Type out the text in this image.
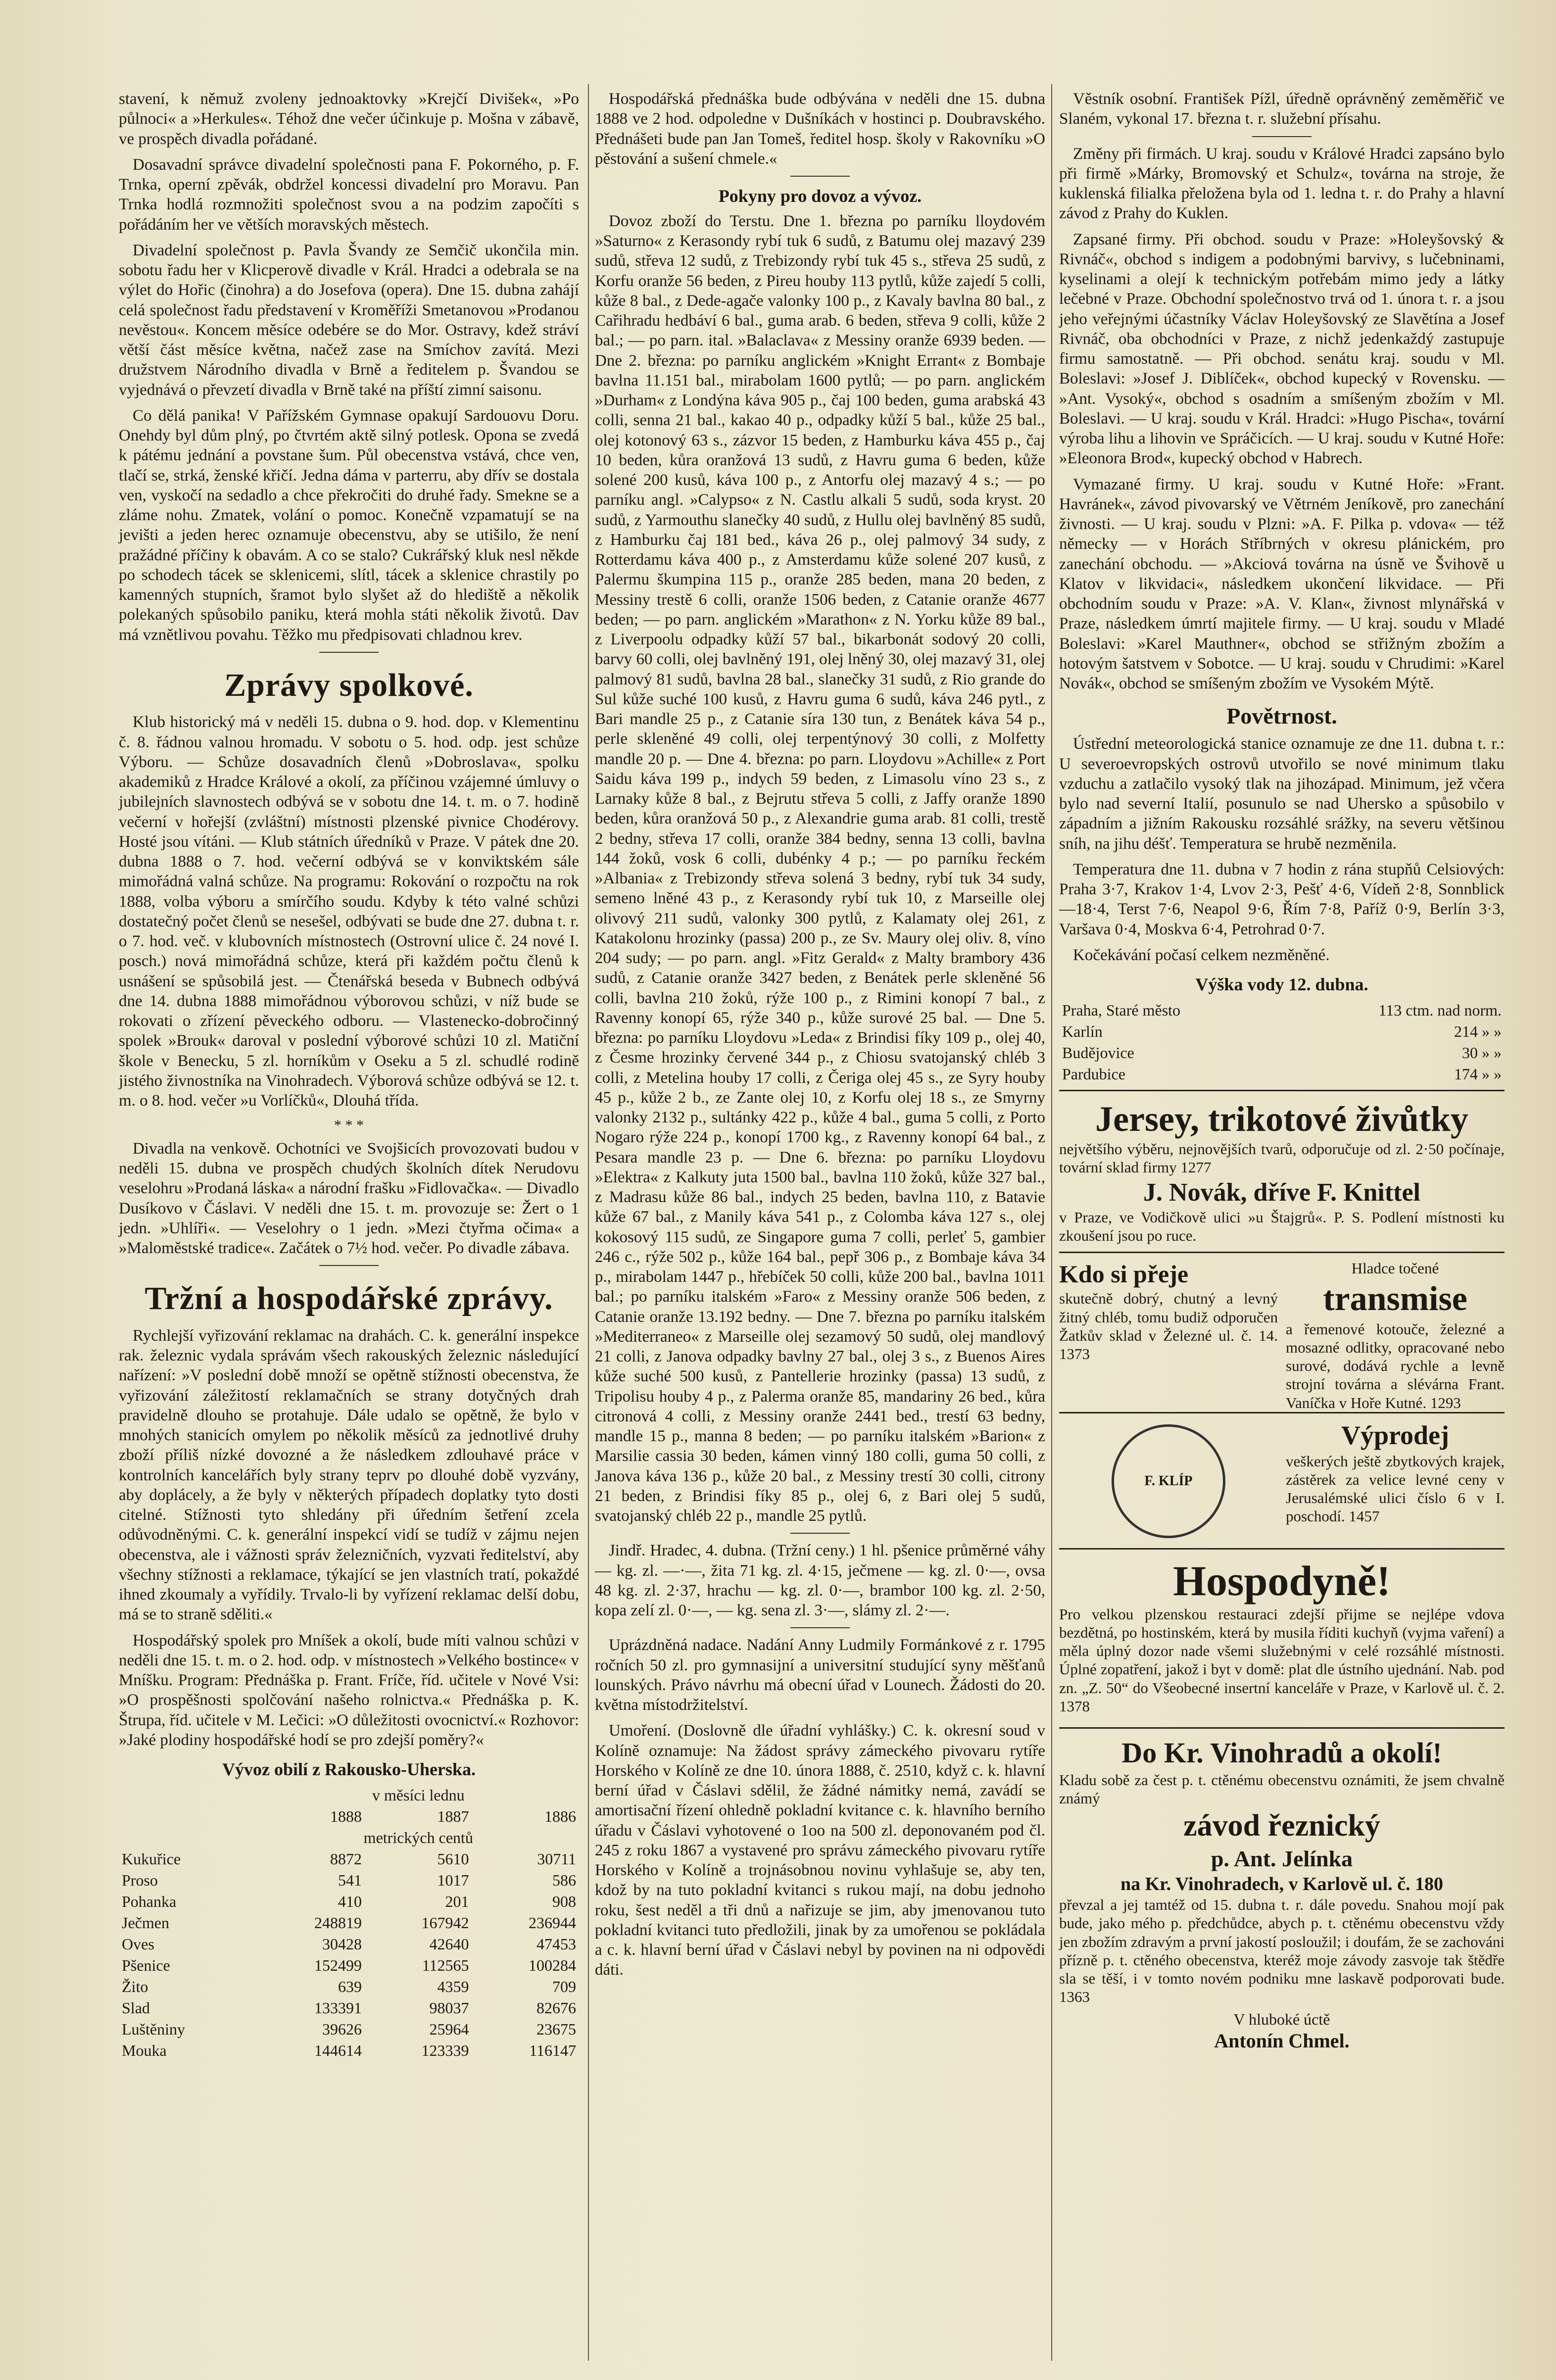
stavení, k němuž zvoleny jednoaktovky »Krejčí Divišek«, »Po půlnoci« a »Herkules«. Téhož dne večer účinkuje p. Mošna v zábavě, ve prospěch divadla pořádané.

Dosavadní správce divadelní společnosti pana F. Pokorného, p. F. Trnka, operní zpěvák, obdržel koncessi divadelní pro Moravu. Pan Trnka hodlá rozmnožiti společnost svou a na podzim započíti s pořádáním her ve větších moravských městech.

Divadelní společnost p. Pavla Švandy ze Semčič ukončila min. sobotu řadu her v Klicperově divadle v Král. Hradci a odebrala se na výlet do Hořic (činohra) a do Josefova (opera). Dne 15. dubna zahájí celá společnost řadu představení v Kroměříži Smetanovou »Prodanou nevěstou«. Koncem měsíce odebére se do Mor. Ostravy, kdež stráví větší část měsíce května, načež zase na Smíchov zavítá. Mezi družstvem Národního divadla v Brně a ředitelem p. Švandou se vyjednává o převzetí divadla v Brně také na příští zimní saisonu.

Co dělá panika! V Pařížském Gymnase opakují Sardouovu Doru. Onehdy byl dům plný, po čtvrtém aktě silný potlesk. Opona se zvedá k pátému jednání a povstane šum. Půl obecenstva vstává, chce ven, tlačí se, strká, ženské křičí. Jedna dáma v parterru, aby dřív se dostala ven, vyskočí na sedadlo a chce překročiti do druhé řady. Smekne se a zláme nohu. Zmatek, volání o pomoc. Konečně vzpamatují se na jevišti a jeden herec oznamuje obecenstvu, aby se utišilo, že není pražádné příčiny k obavám. A co se stalo? Cukrářský kluk nesl někde po schodech tácek se sklenicemi, slítl, tácek a sklenice chrastily po kamenných stupních, šramot bylo slyšet až do hlediště a několik polekaných spůsobilo paniku, která mohla státi několik životů. Dav má vznětlivou povahu. Těžko mu předpisovati chladnou krev.

Zprávy spolkové.

Klub historický má v neděli 15. dubna o 9. hod. dop. v Klementinu č. 8. řádnou valnou hromadu. V sobotu o 5. hod. odp. jest schůze Výboru. — Schůze dosavadních členů »Dobroslava«, spolku akademiků z Hradce Králové a okolí, za příčinou vzájemné úmluvy o jubilejních slavnostech odbývá se v sobotu dne 14. t. m. o 7. hodině večerní v hořejší (zvláštní) místnosti plzenské pivnice Chodérovy. Hosté jsou vítáni. — Klub státních úředníků v Praze. V pátek dne 20. dubna 1888 o 7. hod. večerní odbývá se v konviktském sále mimořádná valná schůze. Na programu: Rokování o rozpočtu na rok 1888, volba výboru a smírčího soudu. Kdyby k této valné schůzi dostatečný počet členů se nesešel, odbývati se bude dne 27. dubna t. r. o 7. hod. več. v klubovních místnostech (Ostrovní ulice č. 24 nové I. posch.) nová mimořádná schůze, která při každém počtu členů k usnášení se spůsobilá jest. — Čtenářská beseda v Bubnech odbývá dne 14. dubna 1888 mimořádnou výborovou schůzi, v níž bude se rokovati o zřízení pěveckého odboru. — Vlastenecko-dobročinný spolek »Brouk« daroval v poslední výborové schůzi 10 zl. Matiční škole v Benecku, 5 zl. horníkům v Oseku a 5 zl. schudlé rodině jistého živnostníka na Vinohradech. Výborová schůze odbývá se 12. t. m. o 8. hod. večer »u Vorlíčků«, Dlouhá třída.

* * *

Divadla na venkově. Ochotníci ve Svojšicích provozovati budou v neděli 15. dubna ve prospěch chudých školních dítek Nerudovu veselohru »Prodaná láska« a národní frašku »Fidlovačka«. — Divadlo Dusíkovo v Čáslavi. V neděli dne 15. t. m. provozuje se: Žert o 1 jedn. »Uhlíři«. — Veselohry o 1 jedn. »Mezi čtyřma očima« a »Maloměstské tradice«. Začátek o 7½ hod. večer. Po divadle zábava.

Tržní a hospodářské zprávy.

Rychlejší vyřizování reklamac na drahách. C. k. generální inspekce rak. železnic vydala správám všech rakouských železnic následující nařízení: »V poslední době množí se opětně stížnosti obecenstva, že vyřizování záležitostí reklamačních se strany dotyčných drah pravidelně dlouho se protahuje. Dále udalo se opětně, že bylo v mnohých stanicích omylem po několik měsíců za jednotlivé druhy zboží příliš nízké dovozné a že následkem zdlouhavé práce v kontrolních kancelářích byly strany teprv po dlouhé době vyzvány, aby doplácely, a že byly v některých případech doplatky tyto dosti citelné. Stížnosti tyto shledány při úředním šetření zcela odůvodněnými. C. k. generální inspekcí vidí se tudíž v zájmu nejen obecenstva, ale i vážnosti správ železničních, vyzvati ředitelství, aby všechny stížnosti a reklamace, týkající se jen vlastních tratí, pokaždé ihned zkoumaly a vyřídily. Trvalo-li by vyřízení reklamac delší dobu, má se to straně sděliti.«

Hospodářský spolek pro Mníšek a okolí, bude míti valnou schůzi v neděli dne 15. t. m. o 2. hod. odp. v místnostech »Velkého bostince« v Mníšku. Program: Přednáška p. Frant. Fríče, říd. učitele v Nové Vsi: »O prospěšnosti spolčování našeho rolnictva.« Přednáška p. K. Štrupa, říd. učitele v M. Lečici: »O důležitosti ovocnictví.« Rozhovor: »Jaké plodiny hospodářské hodí se pro zdejší poměry?«

Vývoz obilí z Rakousko-Uherska.
	v měsíci lednu		
	1888	1887	1886
	metrických centů		
Kukuřice	8872	5610	30711
Proso	541	1017	586
Pohanka	410	201	908
Ječmen	248819	167942	236944
Oves	30428	42640	47453
Pšenice	152499	112565	100284
Žito	639	4359	709
Slad	133391	98037	82676
Luštěniny	39626	25964	23675
Mouka	144614	123339	116147

Hospodářská přednáška bude odbývána v neděli dne 15. dubna 1888 ve 2 hod. odpoledne v Dušníkách v hostinci p. Doubravského. Přednášeti bude pan Jan Tomeš, ředitel hosp. školy v Rakovníku »O pěstování a sušení chmele.«

Pokyny pro dovoz a vývoz.

Dovoz zboží do Terstu. Dne 1. března po parníku lloydovém »Saturno« z Kerasondy rybí tuk 6 sudů, z Batumu olej mazavý 239 sudů, střeva 12 sudů, z Trebizondy rybí tuk 45 s., střeva 25 sudů, z Korfu oranže 56 beden, z Pireu houby 113 pytlů, kůže zajedí 5 colli, kůže 8 bal., z Dede-agače valonky 100 p., z Kavaly bavlna 80 bal., z Cařihradu hedbáví 6 bal., guma arab. 6 beden, střeva 9 colli, kůže 2 bal.; — po parn. ital. »Balaclava« z Messiny oranže 6939 beden. — Dne 2. března: po parníku anglickém »Knight Errant« z Bombaje bavlna 11.151 bal., mirabolam 1600 pytlů; — po parn. anglickém »Durham« z Londýna káva 905 p., čaj 100 beden, guma arabská 43 colli, senna 21 bal., kakao 40 p., odpadky kůží 5 bal., kůže 25 bal., olej kotonový 63 s., zázvor 15 beden, z Hamburku káva 455 p., čaj 10 beden, kůra oranžová 13 sudů, z Havru guma 6 beden, kůže solené 200 kusů, káva 100 p., z Antorfu olej mazavý 4 s.; — po parníku angl. »Calypso« z N. Castlu alkali 5 sudů, soda kryst. 20 sudů, z Yarmouthu slanečky 40 sudů, z Hullu olej bavlněný 85 sudů, z Hamburku čaj 181 bed., káva 26 p., olej palmový 34 sudy, z Rotterdamu káva 400 p., z Amsterdamu kůže solené 207 kusů, z Palermu škumpina 115 p., oranže 285 beden, mana 20 beden, z Messiny trestě 6 colli, oranže 1506 beden, z Catanie oranže 4677 beden; — po parn. anglickém »Marathon« z N. Yorku kůže 89 bal., z Liverpoolu odpadky kůží 57 bal., bikarbonát sodový 20 colli, barvy 60 colli, olej bavlněný 191, olej lněný 30, olej mazavý 31, olej palmový 81 sudů, bavlna 28 bal., slanečky 31 sudů, z Rio grande do Sul kůže suché 100 kusů, z Havru guma 6 sudů, káva 246 pytl., z Bari mandle 25 p., z Catanie síra 130 tun, z Benátek káva 54 p., perle skleněné 49 colli, olej terpentýnový 30 colli, z Molfetty mandle 20 p. — Dne 4. března: po parn. Lloydovu »Achille« z Port Saidu káva 199 p., indych 59 beden, z Limasolu víno 23 s., z Larnaky kůže 8 bal., z Bejrutu střeva 5 colli, z Jaffy oranže 1890 beden, kůra oranžová 50 p., z Alexandrie guma arab. 81 colli, trestě 2 bedny, střeva 17 colli, oranže 384 bedny, senna 13 colli, bavlna 144 žoků, vosk 6 colli, dubénky 4 p.; — po parníku řeckém »Albania« z Trebizondy střeva solená 3 bedny, rybí tuk 34 sudy, semeno lněné 43 p., z Kerasondy rybí tuk 10, z Marseille olej olivový 211 sudů, valonky 300 pytlů, z Kalamaty olej 261, z Katakolonu hrozinky (passa) 200 p., ze Sv. Maury olej oliv. 8, víno 204 sudy; — po parn. angl. »Fitz Gerald« z Malty brambory 436 sudů, z Catanie oranže 3427 beden, z Benátek perle skleněné 56 colli, bavlna 210 žoků, rýže 100 p., z Rimini konopí 7 bal., z Ravenny konopí 65, rýže 340 p., kůže surové 25 bal. — Dne 5. března: po parníku Lloydovu »Leda« z Brindisi fíky 109 p., olej 40, z Česme hrozinky červené 344 p., z Chiosu svatojanský chléb 3 colli, z Metelina houby 17 colli, z Čeriga olej 45 s., ze Syry houby 45 p., kůže 2 b., ze Zante olej 10, z Korfu olej 18 s., ze Smyrny valonky 2132 p., sultánky 422 p., kůže 4 bal., guma 5 colli, z Porto Nogaro rýže 224 p., konopí 1700 kg., z Ravenny konopí 64 bal., z Pesara mandle 23 p. — Dne 6. března: po parníku Lloydovu »Elektra« z Kalkuty juta 1500 bal., bavlna 110 žoků, kůže 327 bal., z Madrasu kůže 86 bal., indych 25 beden, bavlna 110, z Batavie kůže 67 bal., z Manily káva 541 p., z Colomba káva 127 s., olej kokosový 115 sudů, ze Singapore guma 7 colli, perleť 5, gambier 246 c., rýže 502 p., kůže 164 bal., pepř 306 p., z Bombaje káva 34 p., mirabolam 1447 p., hřebíček 50 colli, kůže 200 bal., bavlna 1011 bal.; po parníku italském »Faro« z Messiny oranže 506 beden, z Catanie oranže 13.192 bedny. — Dne 7. března po parníku italském »Mediterraneo« z Marseille olej sezamový 50 sudů, olej mandlový 21 colli, z Janova odpadky bavlny 27 bal., olej 3 s., z Buenos Aires kůže suché 500 kusů, z Pantellerie hrozinky (passa) 13 sudů, z Tripolisu houby 4 p., z Palerma oranže 85, mandariny 26 bed., kůra citronová 4 colli, z Messiny oranže 2441 bed., trestí 63 bedny, mandle 15 p., manna 8 beden; — po parníku italském »Barion« z Marsilie cassia 30 beden, kámen vinný 180 colli, guma 50 colli, z Janova káva 136 p., kůže 20 bal., z Messiny trestí 30 colli, citrony 21 beden, z Brindisi fíky 85 p., olej 6, z Bari olej 5 sudů, svatojanský chléb 22 p., mandle 25 pytlů.

Jindř. Hradec, 4. dubna. (Tržní ceny.) 1 hl. pšenice průměrné váhy — kg. zl. —·—, žita 71 kg. zl. 4·15, ječmene — kg. zl. 0·—, ovsa 48 kg. zl. 2·37, hrachu — kg. zl. 0·—, brambor 100 kg. zl. 2·50, kopa zelí zl. 0·—, — kg. sena zl. 3·—, slámy zl. 2·—.

Uprázdněná nadace. Nadání Anny Ludmily Formánkové z r. 1795 ročních 50 zl. pro gymnasijní a universitní studující syny měšťanů lounských. Právo návrhu má obecní úřad v Lounech. Žádosti do 20. května místodržitelství.

Umoření. (Doslovně dle úřadní vyhlášky.) C. k. okresní soud v Kolíně oznamuje: Na žádost správy zámeckého pivovaru rytíře Horského v Kolíně ze dne 10. února 1888, č. 2510, když c. k. hlavní berní úřad v Čáslavi sdělil, že žádné námitky nemá, zavádí se amortisační řízení ohledně pokladní kvitance c. k. hlavního berního úřadu v Čáslavi vyhotovené o 1oo na 500 zl. deponovaném pod čl. 245 z roku 1867 a vystavené pro správu zámeckého pivovaru rytíře Horského v Kolíně a trojnásobnou novinu vyhlašuje se, aby ten, kdož by na tuto pokladní kvitanci s rukou mají, na dobu jednoho roku, šest neděl a tři dnů a nařizuje se jim, aby jmenovanou tuto pokladní kvitanci tuto předložili, jinak by za umořenou se pokládala a c. k. hlavní berní úřad v Čáslavi nebyl by povinen na ni odpovědi dáti.

Věstník osobní. František Pížl, úředně oprávněný zeměměřič ve Slaném, vykonal 17. března t. r. služební přísahu.

Změny při firmách. U kraj. soudu v Králové Hradci zapsáno bylo při firmě »Márky, Bromovský et Schulz«, továrna na stroje, že kuklenská filialka přeložena byla od 1. ledna t. r. do Prahy a hlavní závod z Prahy do Kuklen.

Zapsané firmy. Při obchod. soudu v Praze: »Holeyšovský & Rivnáč«, obchod s indigem a podobnými barvivy, s lučebninami, kyselinami a olejí k technickým potřebám mimo jedy a látky lečebné v Praze. Obchodní společnostvo trvá od 1. února t. r. a jsou jeho veřejnými účastníky Václav Holeyšovský ze Slavětína a Josef Rivnáč, oba obchodníci v Praze, z nichž jedenkaždý zastupuje firmu samostatně. — Při obchod. senátu kraj. soudu v Ml. Boleslavi: »Josef J. Diblíček«, obchod kupecký v Rovensku. — »Ant. Vysoký«, obchod s osadním a smíšeným zbožím v Ml. Boleslavi. — U kraj. soudu v Král. Hradci: »Hugo Pischa«, tovární výroba lihu a lihovin ve Spráčicích. — U kraj. soudu v Kutné Hoře: »Eleonora Brod«, kupecký obchod v Habrech.

Vymazané firmy. U kraj. soudu v Kutné Hoře: »Frant. Havránek«, závod pivovarský ve Větrném Jeníkově, pro zanechání živnosti. — U kraj. soudu v Plzni: »A. F. Pilka p. vdova« — též německy — v Horách Stříbrných v okresu plánickém, pro zanechání obchodu. — »Akciová továrna na úsně ve Švihově u Klatov v likvidaci«, následkem ukončení likvidace. — Při obchodním soudu v Praze: »A. V. Klan«, živnost mlynářská v Praze, následkem úmrtí majitele firmy. — U kraj. soudu v Mladé Boleslavi: »Karel Mauthner«, obchod se střižným zbožím a hotovým šatstvem v Sobotce. — U kraj. soudu v Chrudimi: »Karel Novák«, obchod se smíšeným zbožím ve Vysokém Mýtě.

Povětrnost.

Ústřední meteorologická stanice oznamuje ze dne 11. dubna t. r.: U severoevropských ostrovů utvořilo se nové minimum tlaku vzduchu a zatlačilo vysoký tlak na jihozápad. Minimum, jež včera bylo nad severní Italií, posunulo se nad Uhersko a spůsobilo v západním a jižním Rakousku rozsáhlé srážky, na severu většinou sníh, na jihu déšť. Temperatura se hrubě nezměnila.

Temperatura dne 11. dubna v 7 hodin z rána stupňů Celsiových: Praha 3·7, Krakov 1·4, Lvov 2·3, Pešť 4·6, Vídeň 2·8, Sonnblick —18·4, Terst 7·6, Neapol 9·6, Řím 7·8, Paříž 0·9, Berlín 3·3, Varšava 0·4, Moskva 6·4, Petrohrad 0·7.

Kočekávání počasí celkem nezměněné.

Výška vody 12. dubna.
Praha, Staré město	113 ctm. nad norm.
Karlín	214 » »
Budějovice	30 » »
Pardubice	174 » »
Jersey, trikotové živůtky
největšího výběru, nejnovějších tvarů, odporučuje od zl. 2·50 počínaje, tovární sklad firmy 1277
J. Novák, dříve F. Knittel
v Praze, ve Vodičkově ulici »u Štajgrů«. P. S. Podlení místnosti ku zkoušení jsou po ruce.
Kdo si přeje
skutečně dobrý, chutný a levný žitný chléb, tomu budiž odporučen Žatkův sklad v Železné ul. č. 14. 1373
Hladce točené
transmise
a řemenové kotouče, železné a mosazné odlitky, opracované nebo surové, dodává rychle a levně strojní továrna a slévárna Frant. Vaníčka v Hoře Kutné. 1293
F. KLÍP
Výprodej
veškerých ještě zbytkových krajek, zástěrek za velice levné ceny v Jerusalémské ulici číslo 6 v I. poschodí. 1457
Hospodyně!
Pro velkou plzenskou restauraci zdejší přijme se nejlépe vdova bezdětná, po hostinském, která by musila říditi kuchyň (vyjma vaření) a měla úplný dozor nade všemi služebnými v celé rozsáhlé místnosti. Úplné zopatření, jakož i byt v domě: plat dle ústního ujednání. Nab. pod zn. „Z. 50“ do Všeobecné insertní kanceláře v Praze, v Karlově ul. č. 2. 1378
Do Kr. Vinohradů a okolí!
Kladu sobě za čest p. t. ctěnému obecenstvu oznámiti, že jsem chvalně známý
závod řeznický
p. Ant. Jelínka
na Kr. Vinohradech, v Karlově ul. č. 180
převzal a jej tamtéž od 15. dubna t. r. dále povedu. Snahou mojí pak bude, jako mého p. předchůdce, abych p. t. ctěnému obecenstvu vždy jen zbožím zdravým a první jakostí posloužil; i doufám, že se zachováni přízně p. t. ctěného obecenstva, kteréž moje závody zasvoje tak štědře sla se těší, i v tomto novém podniku mne laskavě podporovati bude. 1363
V hluboké úctě
Antonín Chmel.
